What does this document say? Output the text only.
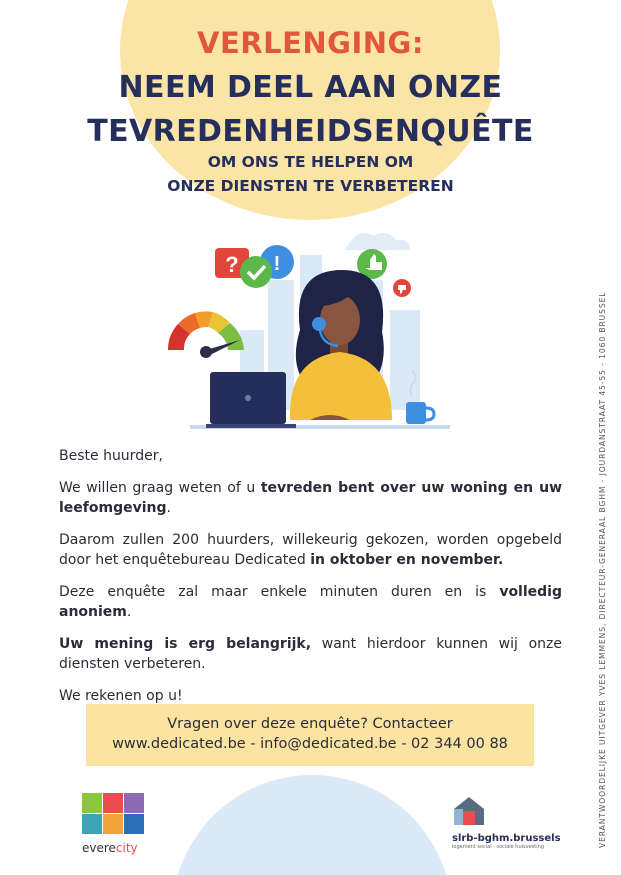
VERLENGING:
NEEM DEEL AAN ONZE
TEVREDENHEIDSENQUÊTE
OM ONS TE HELPEN OM
ONZE DIENSTEN TE VERBETEREN
? !

Beste huurder,

We willen graag weten of u tevreden bent over uw woning en uw leefomgeving.

Daarom zullen 200 huurders, willekeurig gekozen, worden opgebeld door het enquêtebureau Dedicated in oktober en november.

Deze enquête zal maar enkele minuten duren en is volledig anoniem.

Uw mening is erg belangrijk, want hierdoor kunnen wij onze diensten verbeteren.

We rekenen op u!

Vragen over deze enquête? Contacteer
www.dedicated.be - info@dedicated.be - 02 344 00 88	VERANTWOORDELIJKE UITGEVER YVES LEMMENS, DIRECTEUR-GENERAAL BGHM - JOURDANSTRAAT 45-55 - 1060 BRUSSEL
everecity
slrb-bghm.brussels
logement social · sociale huisvesting
